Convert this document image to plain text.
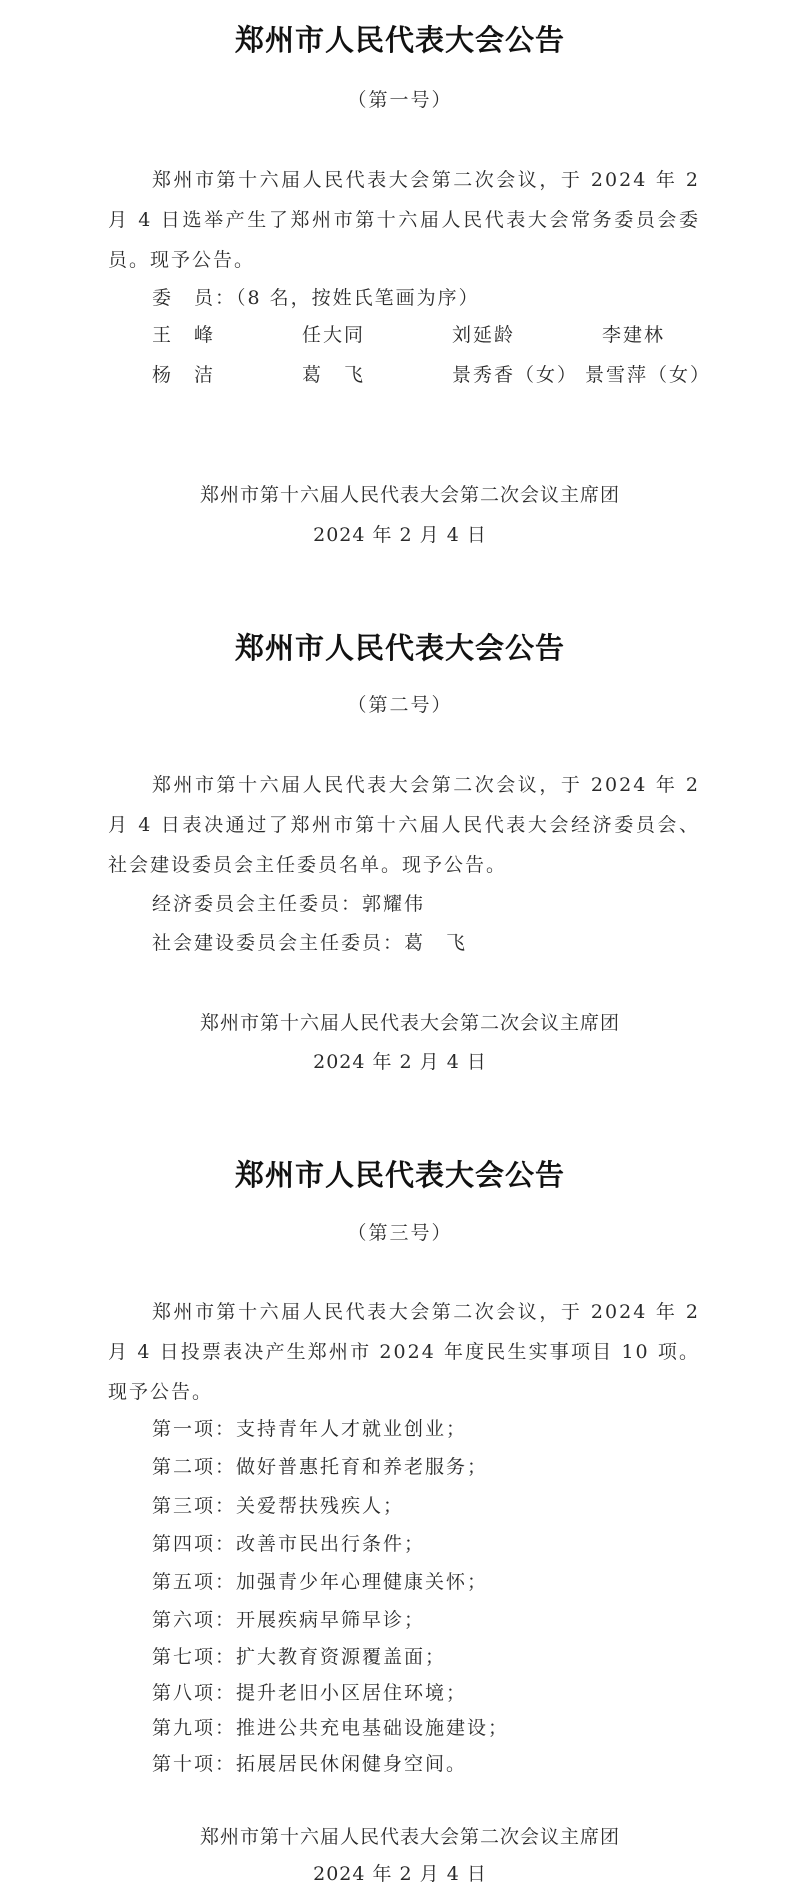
郑州市人民代表大会公告
（第一号）
郑州市第十六届人民代表大会第二次会议，于 2024 年 2 月 4 日选举产生了郑州市第十六届人民代表大会常务委员会委员。现予公告。
委　员：（8 名，按姓氏笔画为序）
王　峰	任大同	刘延龄	李建林
杨　洁	葛　飞	景秀香（女） 景雪萍（女）
郑州市第十六届人民代表大会第二次会议主席团
2024 年 2 月 4 日
郑州市人民代表大会公告
（第二号）
郑州市第十六届人民代表大会第二次会议，于 2024 年 2 月 4 日表决通过了郑州市第十六届人民代表大会经济委员会、社会建设委员会主任委员名单。现予公告。
经济委员会主任委员：郭耀伟
社会建设委员会主任委员：葛　飞
郑州市第十六届人民代表大会第二次会议主席团
2024 年 2 月 4 日
郑州市人民代表大会公告
（第三号）
郑州市第十六届人民代表大会第二次会议，于 2024 年 2 月 4 日投票表决产生郑州市 2024 年度民生实事项目 10 项。现予公告。
第一项：支持青年人才就业创业；
第二项：做好普惠托育和养老服务；
第三项：关爱帮扶残疾人；
第四项：改善市民出行条件；
第五项：加强青少年心理健康关怀；
第六项：开展疾病早筛早诊；
第七项：扩大教育资源覆盖面；
第八项：提升老旧小区居住环境；
第九项：推进公共充电基础设施建设；
第十项：拓展居民休闲健身空间。
郑州市第十六届人民代表大会第二次会议主席团
2024 年 2 月 4 日
